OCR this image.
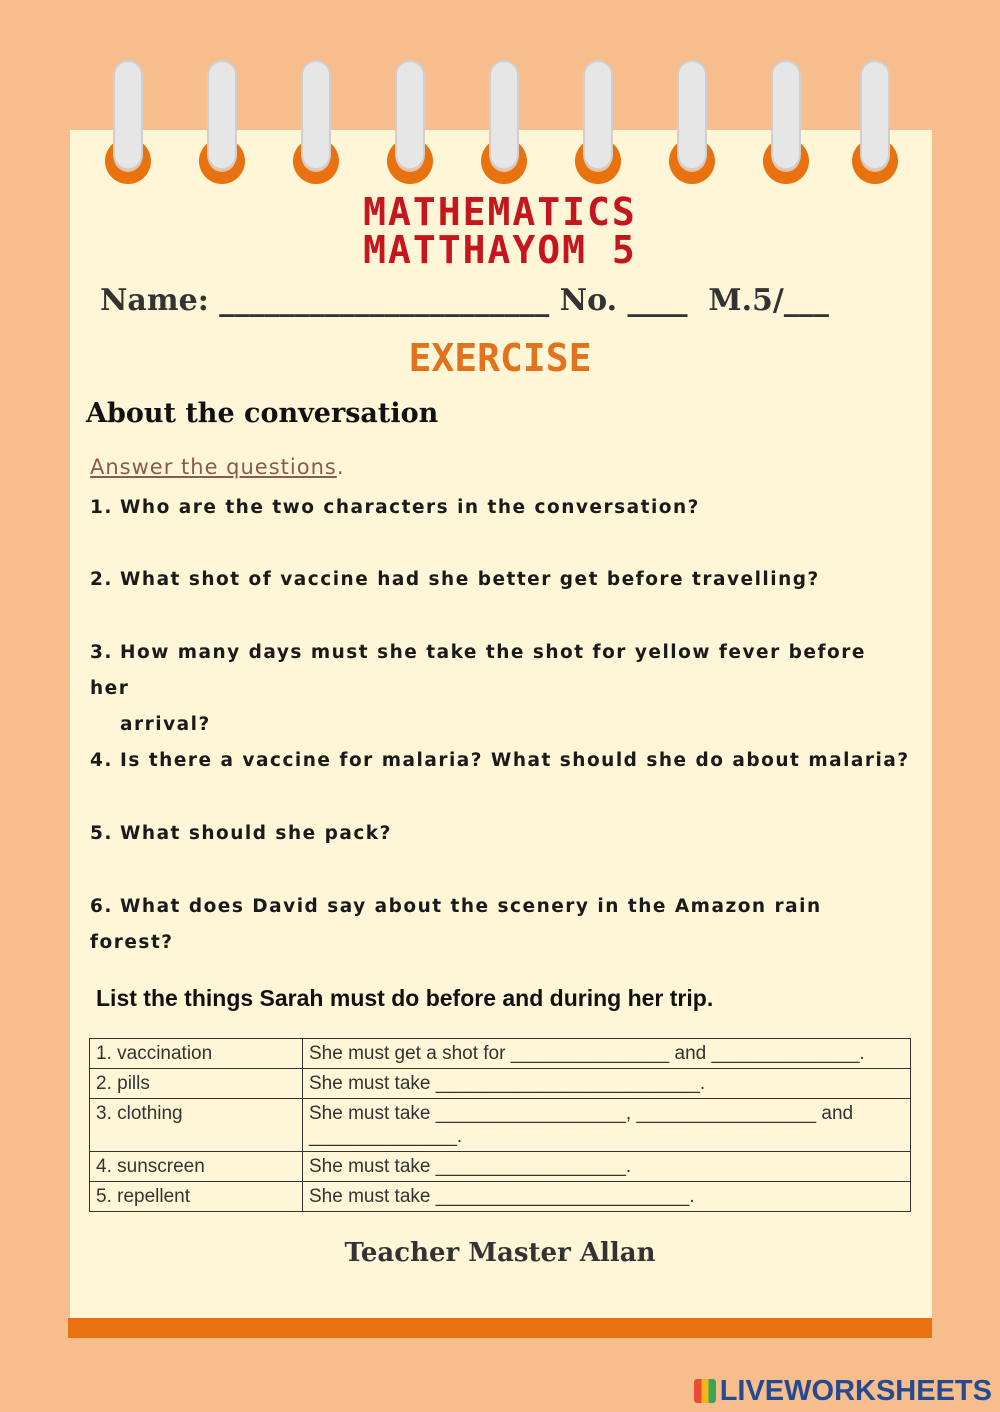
MATHEMATICS
MATTHAYOM 5
Name: ______________________ No. ____ M.5/___
EXERCISE
About the conversation
Answer the questions.
1. Who are the two characters in the conversation?
2. What shot of vaccine had she better get before travelling?
3. How many days must she take the shot for yellow fever before her
arrival?
4. Is there a vaccine for malaria? What should she do about malaria?
5. What should she pack?
6. What does David say about the scenery in the Amazon rain forest?
List the things Sarah must do before and during her trip.
1. vaccination	She must get a shot for _______________ and ______________.
2. pills	She must take _________________________.
3. clothing	She must take __________________, _________________ and ______________.
4. sunscreen	She must take __________________.
5. repellent	She must take ________________________.
Teacher Master Allan
LIVEWORKSHEETS
